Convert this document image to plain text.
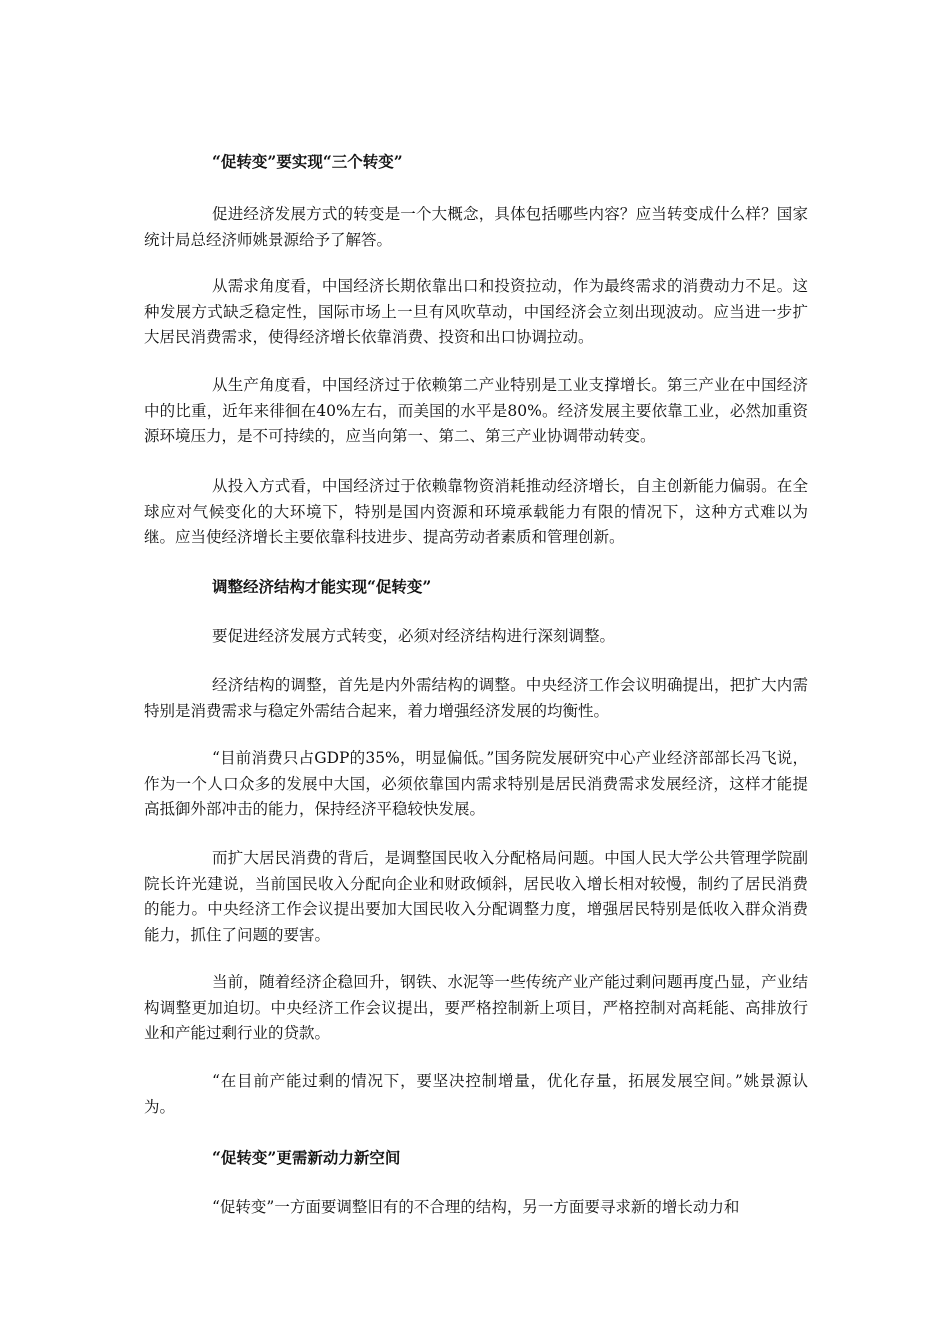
“促转变”要实现“三个转变”

促进经济发展方式的转变是一个大概念，具体包括哪些内容？应当转变成什么样？国家统计局总经济师姚景源给予了解答。

从需求角度看，中国经济长期依靠出口和投资拉动，作为最终需求的消费动力不足。这种发展方式缺乏稳定性，国际市场上一旦有风吹草动，中国经济会立刻出现波动。应当进一步扩大居民消费需求，使得经济增长依靠消费、投资和出口协调拉动。

从生产角度看，中国经济过于依赖第二产业特别是工业支撑增长。第三产业在中国经济中的比重，近年来徘徊在40%左右，而美国的水平是80%。经济发展主要依靠工业，必然加重资源环境压力，是不可持续的，应当向第一、第二、第三产业协调带动转变。

从投入方式看，中国经济过于依赖靠物资消耗推动经济增长，自主创新能力偏弱。在全球应对气候变化的大环境下，特别是国内资源和环境承载能力有限的情况下，这种方式难以为继。应当使经济增长主要依靠科技进步、提高劳动者素质和管理创新。

调整经济结构才能实现“促转变”

要促进经济发展方式转变，必须对经济结构进行深刻调整。

经济结构的调整，首先是内外需结构的调整。中央经济工作会议明确提出，把扩大内需特别是消费需求与稳定外需结合起来，着力增强经济发展的均衡性。

“目前消费只占GDP的35%，明显偏低。”国务院发展研究中心产业经济部部长冯飞说，作为一个人口众多的发展中大国，必须依靠国内需求特别是居民消费需求发展经济，这样才能提高抵御外部冲击的能力，保持经济平稳较快发展。

而扩大居民消费的背后，是调整国民收入分配格局问题。中国人民大学公共管理学院副院长许光建说，当前国民收入分配向企业和财政倾斜，居民收入增长相对较慢，制约了居民消费的能力。中央经济工作会议提出要加大国民收入分配调整力度，增强居民特别是低收入群众消费能力，抓住了问题的要害。

当前，随着经济企稳回升，钢铁、水泥等一些传统产业产能过剩问题再度凸显，产业结构调整更加迫切。中央经济工作会议提出，要严格控制新上项目，严格控制对高耗能、高排放行业和产能过剩行业的贷款。

“在目前产能过剩的情况下，要坚决控制增量，优化存量，拓展发展空间。”姚景源认为。

“促转变”更需新动力新空间

“促转变”一方面要调整旧有的不合理的结构，另一方面要寻求新的增长动力和
